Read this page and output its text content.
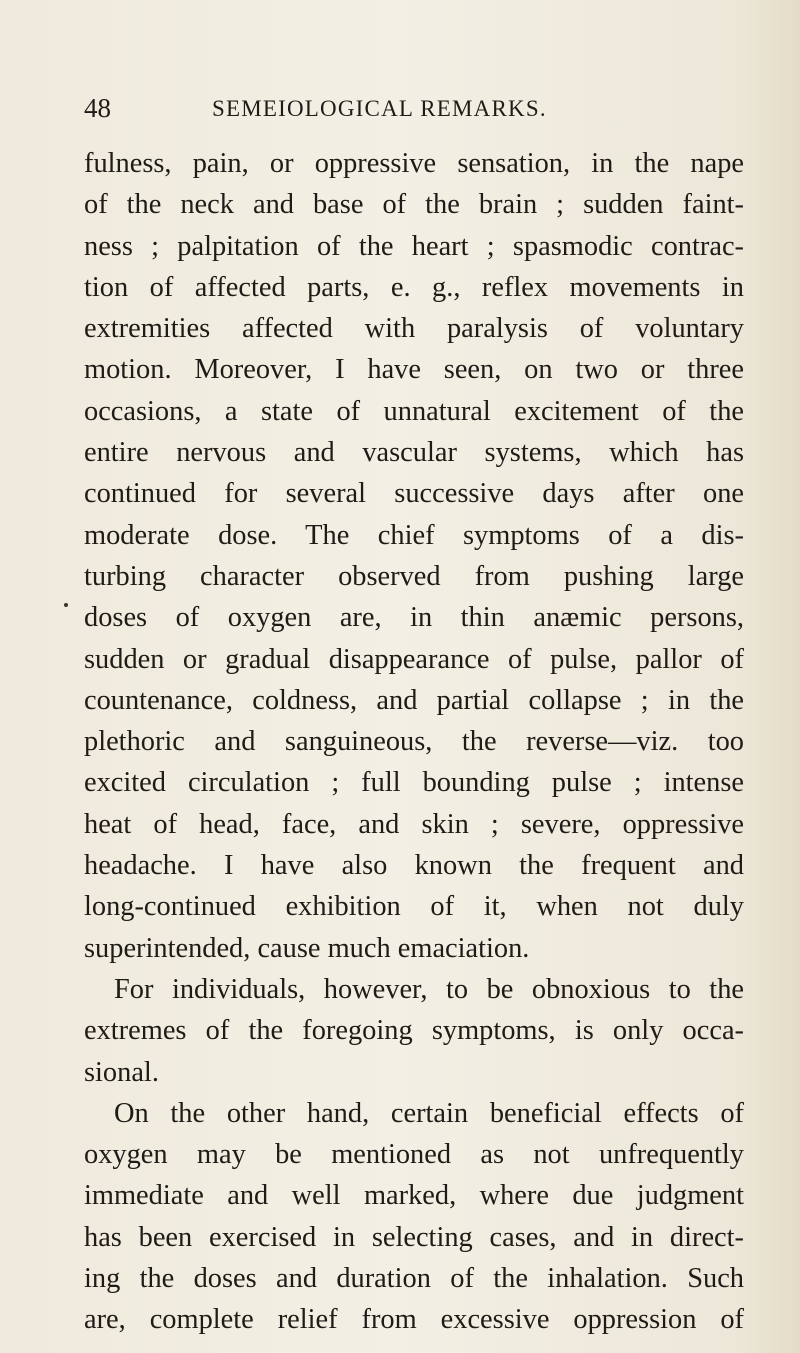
48	SEMEIOLOGICAL REMARKS.
fulness, pain, or oppressive sensation, in the nape
of the neck and base of the brain ; sudden faint-
ness ; palpitation of the heart ; spasmodic contrac-
tion of affected parts, e. g., reflex movements in
extremities affected with paralysis of voluntary
motion. Moreover, I have seen, on two or three
occasions, a state of unnatural excitement of the
entire nervous and vascular systems, which has
continued for several successive days after one
moderate dose. The chief symptoms of a dis-
turbing character observed from pushing large
doses of oxygen are, in thin anæmic persons,
sudden or gradual disappearance of pulse, pallor of
countenance, coldness, and partial collapse ; in the
plethoric and sanguineous, the reverse—viz. too
excited circulation ; full bounding pulse ; intense
heat of head, face, and skin ; severe, oppressive
headache. I have also known the frequent and
long-continued exhibition of it, when not duly
superintended, cause much emaciation.
For individuals, however, to be obnoxious to the
extremes of the foregoing symptoms, is only occa-
sional.
On the other hand, certain beneficial effects of
oxygen may be mentioned as not unfrequently
immediate and well marked, where due judgment
has been exercised in selecting cases, and in direct-
ing the doses and duration of the inhalation. Such
are, complete relief from excessive oppression of
